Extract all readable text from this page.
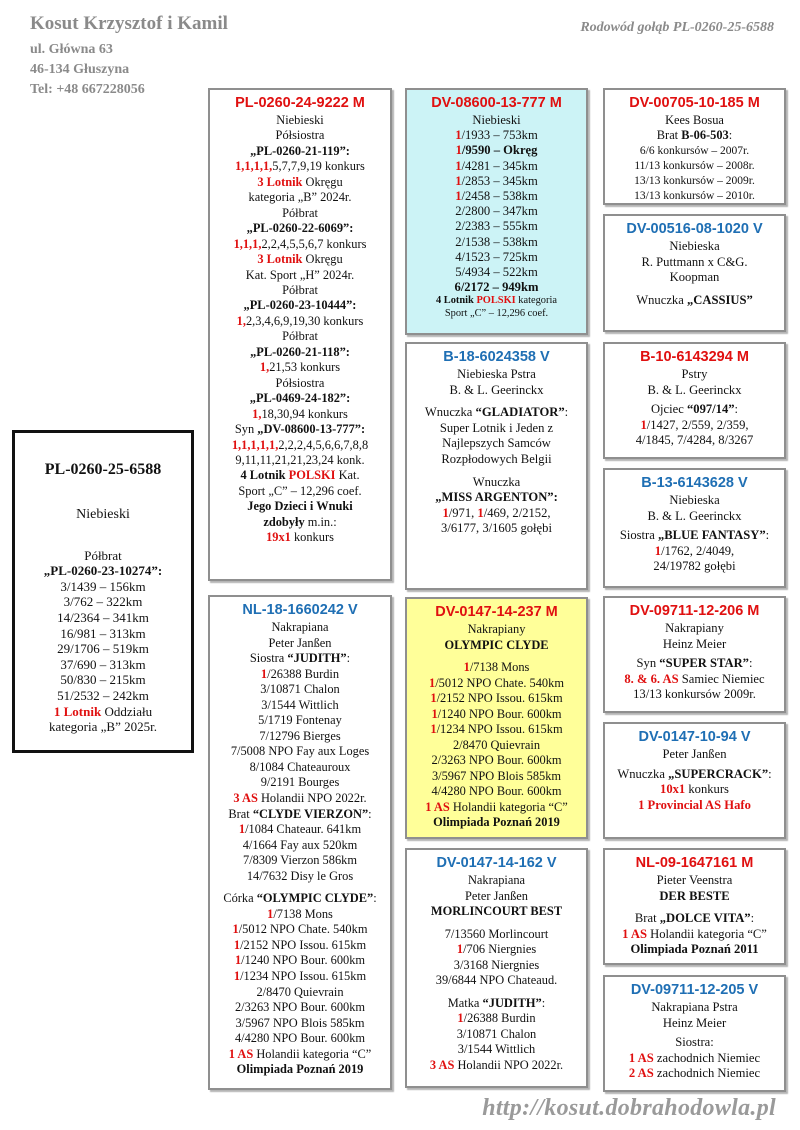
Kosut Krzysztof i Kamil
ul. Główna 63
46-134 Głuszyna
Tel: +48 667228056
Rodowód gołąb PL-0260-25-6588
PL-0260-25-6588
Niebieski
Półbrat
„PL-0260-23-10274”:
3/1439 – 156km
3/762 – 322km
14/2364 – 341km
16/981 – 313km
29/1706 – 519km
37/690 – 313km
50/830 – 215km
51/2532 – 242km
1 Lotnik Oddziału
kategoria „B” 2025r.
PL-0260-24-9222 M
Niebieski
Półsiostra
„PL-0260-21-119”:
1,1,1,1,5,7,7,9,19 konkurs
3 Lotnik Okręgu
kategoria „B” 2024r.
Półbrat
„PL-0260-22-6069”:
1,1,1,2,2,4,5,5,6,7 konkurs
3 Lotnik Okręgu
Kat. Sport „H” 2024r.
Półbrat
„PL-0260-23-10444”:
1,2,3,4,6,9,19,30 konkurs
Półbrat
„PL-0260-21-118”:
1,21,53 konkurs
Półsiostra
„PL-0469-24-182”:
1,18,30,94 konkurs
Syn „DV-08600-13-777”:
1,1,1,1,1,2,2,2,4,5,6,6,7,8,8
9,11,11,21,21,23,24 konk.
4 Lotnik POLSKI Kat.
Sport „C” – 12,296 coef.
Jego Dzieci i Wnuki
zdobyły m.in.:
19x1 konkurs
NL-18-1660242 V
Nakrapiana
Peter Janßen
Siostra “JUDITH”:
1/26388 Burdin
3/10871 Chalon
3/1544 Wittlich
5/1719 Fontenay
7/12796 Bierges
7/5008 NPO Fay aux Loges
8/1084 Chateauroux
9/2191 Bourges
3 AS Holandii NPO 2022r.
Brat “CLYDE VIERZON”:
1/1084 Chateaur. 641km
4/1664 Fay aux 520km
7/8309 Vierzon 586km
14/7632 Disy le Gros
Córka “OLYMPIC CLYDE”:
1/7138 Mons
1/5012 NPO Chate. 540km
1/2152 NPO Issou. 615km
1/1240 NPO Bour. 600km
1/1234 NPO Issou. 615km
2/8470 Quievrain
2/3263 NPO Bour. 600km
3/5967 NPO Blois 585km
4/4280 NPO Bour. 600km
1 AS Holandii kategoria “C”
Olimpiada Poznań 2019
DV-08600-13-777 M
Niebieski
1/1933 – 753km
1/9590 – Okręg
1/4281 – 345km
1/2853 – 345km
1/2458 – 538km
2/2800 – 347km
2/2383 – 555km
2/1538 – 538km
4/1523 – 725km
5/4934 – 522km
6/2172 – 949km
4 Lotnik POLSKI kategoria
Sport „C” – 12,296 coef.
B-18-6024358 V
Niebieska Pstra
B. & L. Geerinckx
Wnuczka “GLADIATOR”:
Super Lotnik i Jeden z
Najlepszych Samców
Rozpłodowych Belgii
Wnuczka
„MISS ARGENTON”:
1/971, 1/469, 2/2152,
3/6177, 3/1605 gołębi
DV-0147-14-237 M
Nakrapiany
OLYMPIC CLYDE
1/7138 Mons
1/5012 NPO Chate. 540km
1/2152 NPO Issou. 615km
1/1240 NPO Bour. 600km
1/1234 NPO Issou. 615km
2/8470 Quievrain
2/3263 NPO Bour. 600km
3/5967 NPO Blois 585km
4/4280 NPO Bour. 600km
1 AS Holandii kategoria “C”
Olimpiada Poznań 2019
DV-0147-14-162 V
Nakrapiana
Peter Janßen
MORLINCOURT BEST
7/13560 Morlincourt
1/706 Niergnies
3/3168 Niergnies
39/6844 NPO Chateaud.
Matka “JUDITH”:
1/26388 Burdin
3/10871 Chalon
3/1544 Wittlich
3 AS Holandii NPO 2022r.
DV-00705-10-185 M
Kees Bosua
Brat B-06-503:
6/6 konkursów – 2007r.
11/13 konkursów – 2008r.
13/13 konkursów – 2009r.
13/13 konkursów – 2010r.
DV-00516-08-1020 V
Niebieska
R. Puttmann x C&G.
Koopman
Wnuczka „CASSIUS”
B-10-6143294 M
Pstry
B. & L. Geerinckx
Ojciec “097/14”:
1/1427, 2/559, 2/359,
4/1845, 7/4284, 8/3267
B-13-6143628 V
Niebieska
B. & L. Geerinckx
Siostra „BLUE FANTASY”:
1/1762, 2/4049,
24/19782 gołębi
DV-09711-12-206 M
Nakrapiany
Heinz Meier
Syn “SUPER STAR”:
8. & 6. AS Samiec Niemiec
13/13 konkursów 2009r.
DV-0147-10-94 V
Peter Janßen
Wnuczka „SUPERCRACK”:
10x1 konkurs
1 Provincial AS Hafo
NL-09-1647161 M
Pieter Veenstra
DER BESTE
Brat „DOLCE VITA”:
1 AS Holandii kategoria “C”
Olimpiada Poznań 2011
DV-09711-12-205 V
Nakrapiana Pstra
Heinz Meier
Siostra:
1 AS zachodnich Niemiec
2 AS zachodnich Niemiec
http://kosut.dobrahodowla.pl
